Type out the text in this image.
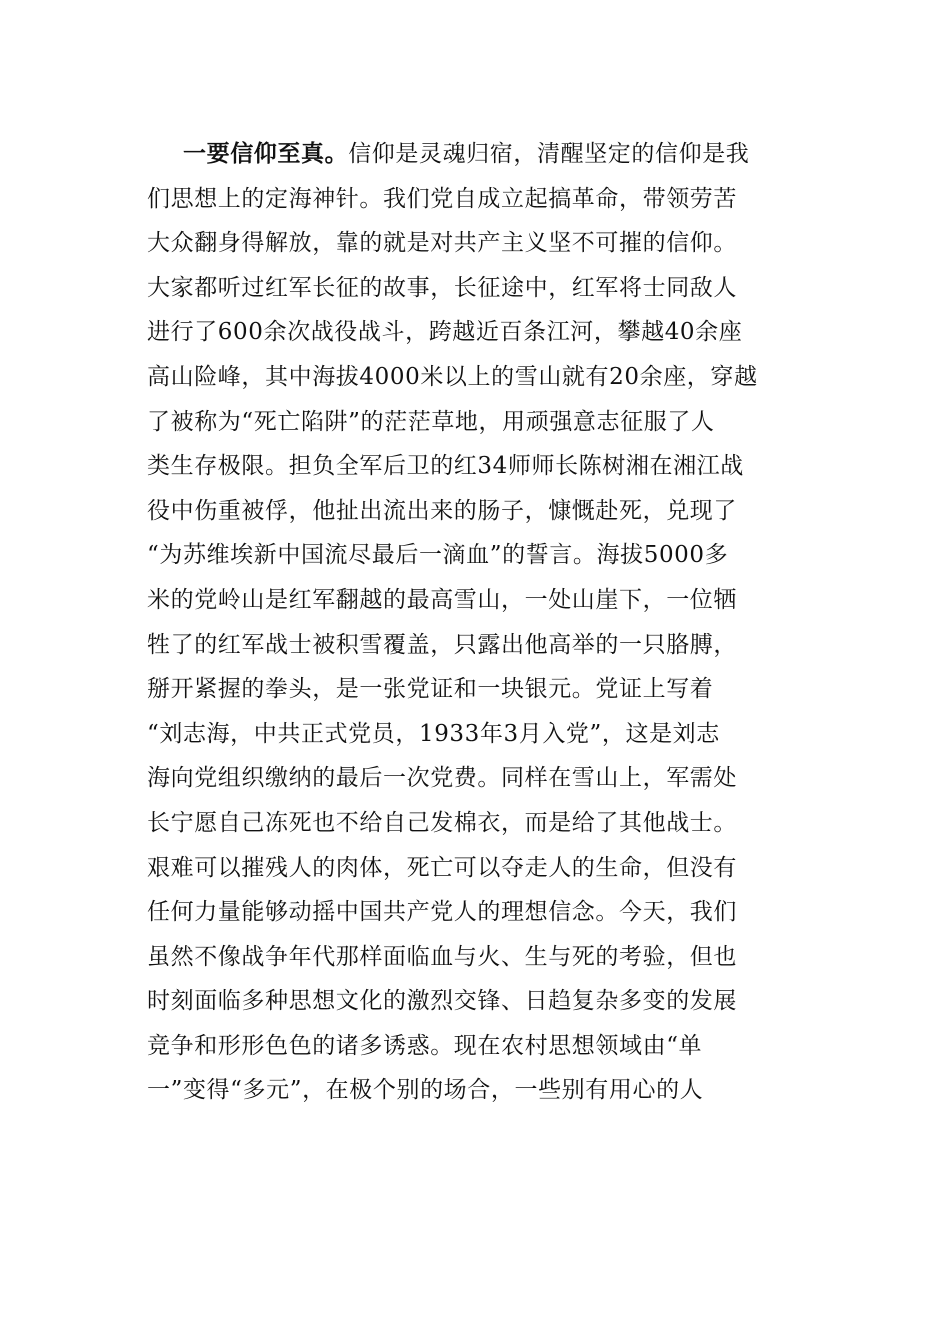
一要信仰至真。信仰是灵魂归宿，清醒坚定的信仰是我
们思想上的定海神针。我们党自成立起搞革命，带领劳苦
大众翻身得解放，靠的就是对共产主义坚不可摧的信仰。
大家都听过红军长征的故事，长征途中，红军将士同敌人
进行了600余次战役战斗，跨越近百条江河，攀越40余座
高山险峰，其中海拔4000米以上的雪山就有20余座，穿越
了被称为“死亡陷阱”的茫茫草地，用顽强意志征服了人
类生存极限。担负全军后卫的红34师师长陈树湘在湘江战
役中伤重被俘，他扯出流出来的肠子，慷慨赴死，兑现了
“为苏维埃新中国流尽最后一滴血”的誓言。海拔5000多
米的党岭山是红军翻越的最高雪山，一处山崖下，一位牺
牲了的红军战士被积雪覆盖，只露出他高举的一只胳膊，
掰开紧握的拳头，是一张党证和一块银元。党证上写着
“刘志海，中共正式党员，1933年3月入党”，这是刘志
海向党组织缴纳的最后一次党费。同样在雪山上，军需处
长宁愿自己冻死也不给自己发棉衣，而是给了其他战士。
艰难可以摧残人的肉体，死亡可以夺走人的生命，但没有
任何力量能够动摇中国共产党人的理想信念。今天，我们
虽然不像战争年代那样面临血与火、生与死的考验，但也
时刻面临多种思想文化的激烈交锋、日趋复杂多变的发展
竞争和形形色色的诸多诱惑。现在农村思想领域由“单
一”变得“多元”，在极个别的场合，一些别有用心的人
